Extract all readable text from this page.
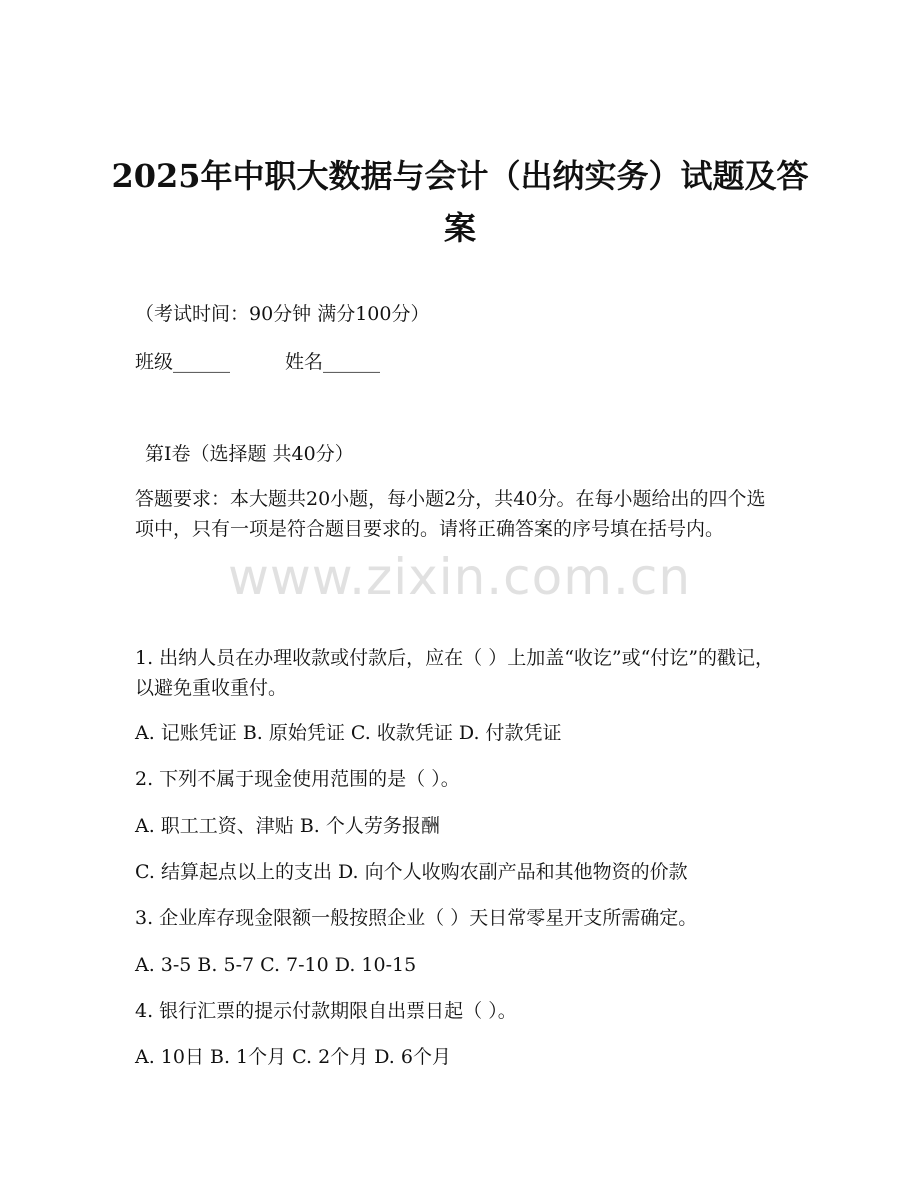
2025年中职大数据与会计（出纳实务）试题及答案
（考试时间：90分钟 满分100分）
班级______	姓名______
第Ⅰ卷（选择题 共40分）
答题要求：本大题共20小题，每小题2分，共40分。在每小题给出的四个选项中，只有一项是符合题目要求的。请将正确答案的序号填在括号内。
www.zixin.com.cn
1. 出纳人员在办理收款或付款后，应在（ ）上加盖“收讫”或“付讫”的戳记，以避免重收重付。
A. 记账凭证 B. 原始凭证 C. 收款凭证 D. 付款凭证
2. 下列不属于现金使用范围的是（ ）。
A. 职工工资、津贴 B. 个人劳务报酬
C. 结算起点以上的支出 D. 向个人收购农副产品和其他物资的价款
3. 企业库存现金限额一般按照企业（ ）天日常零星开支所需确定。
A. 3-5 B. 5-7 C. 7-10 D. 10-15
4. 银行汇票的提示付款期限自出票日起（ ）。
A. 10日 B. 1个月 C. 2个月 D. 6个月
